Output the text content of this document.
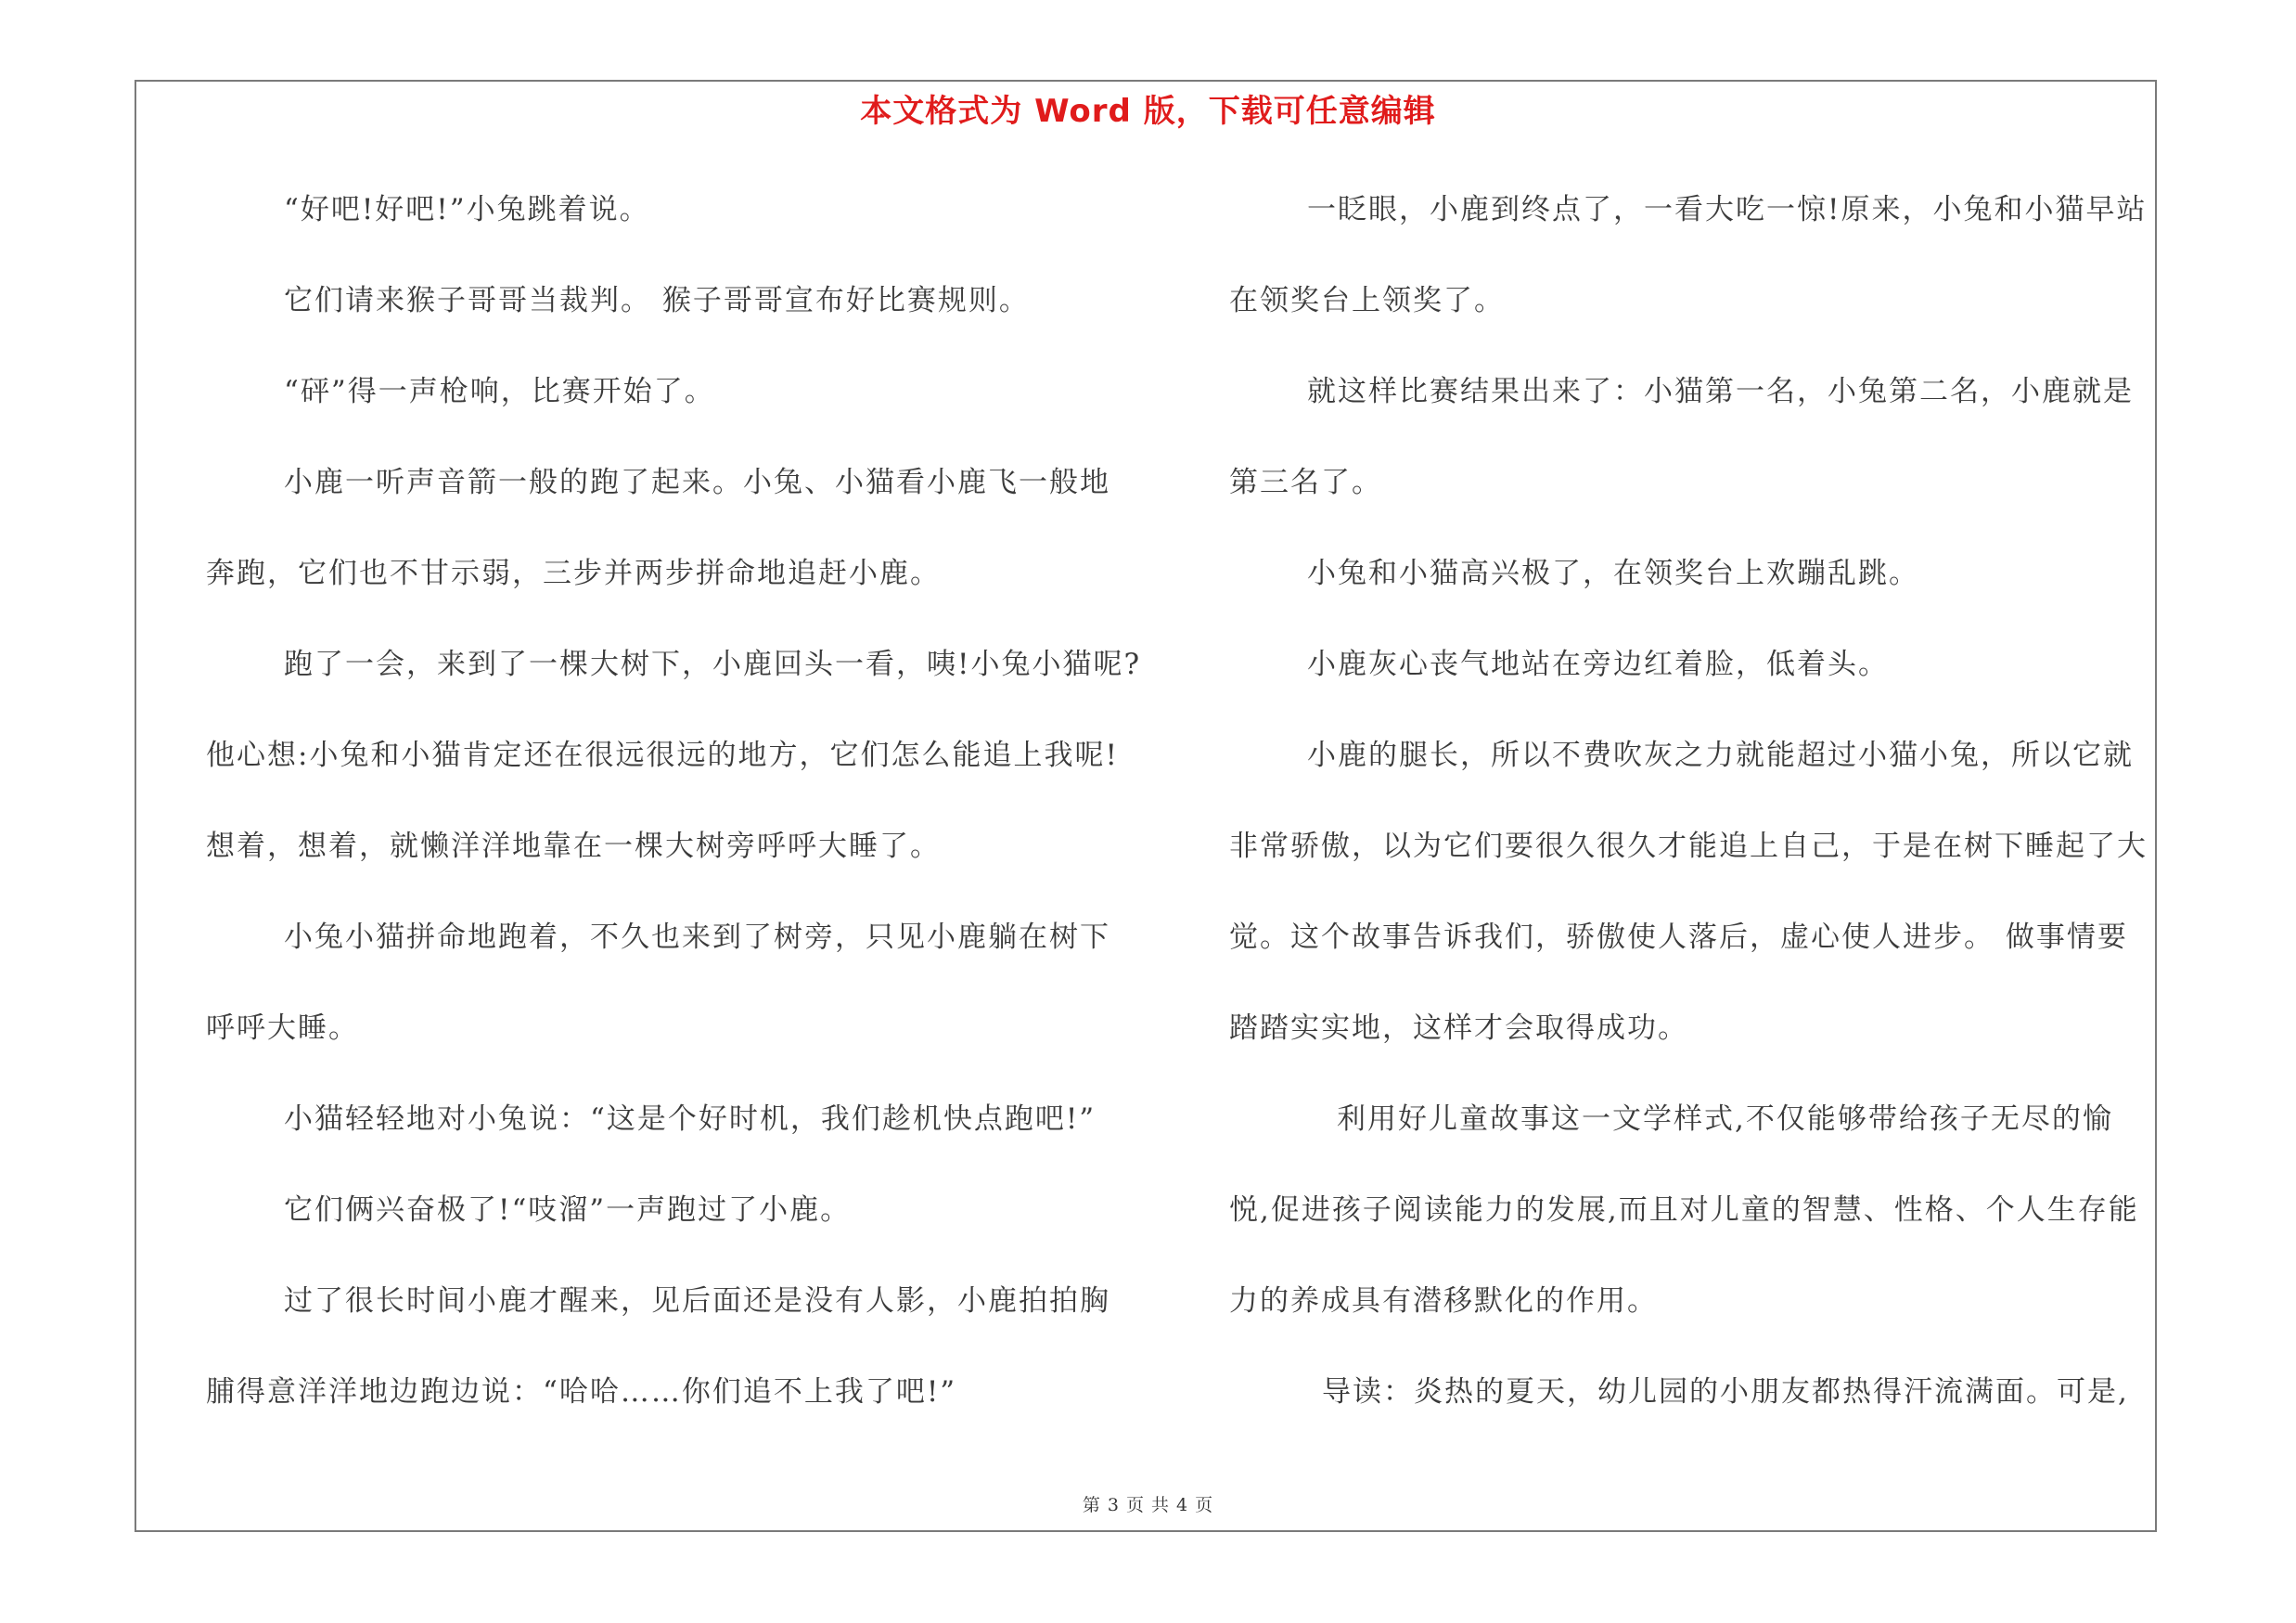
本文格式为 Word 版，下载可任意编辑
“好吧!好吧!”小兔跳着说。
它们请来猴子哥哥当裁判。 猴子哥哥宣布好比赛规则。
“砰”得一声枪响，比赛开始了。
小鹿一听声音箭一般的跑了起来。小兔、小猫看小鹿飞一般地
奔跑，它们也不甘示弱，三步并两步拼命地追赶小鹿。
跑了一会，来到了一棵大树下，小鹿回头一看，咦!小兔小猫呢?
他心想:小兔和小猫肯定还在很远很远的地方，它们怎么能追上我呢!
想着，想着，就懒洋洋地靠在一棵大树旁呼呼大睡了。
小兔小猫拼命地跑着，不久也来到了树旁，只见小鹿躺在树下
呼呼大睡。
小猫轻轻地对小兔说：“这是个好时机，我们趁机快点跑吧!”
它们俩兴奋极了!“吱溜”一声跑过了小鹿。
过了很长时间小鹿才醒来，见后面还是没有人影，小鹿拍拍胸
脯得意洋洋地边跑边说：“哈哈……你们追不上我了吧!”
一眨眼，小鹿到终点了，一看大吃一惊!原来，小兔和小猫早站
在领奖台上领奖了。
就这样比赛结果出来了：小猫第一名，小兔第二名，小鹿就是
第三名了。
小兔和小猫高兴极了，在领奖台上欢蹦乱跳。
小鹿灰心丧气地站在旁边红着脸，低着头。
小鹿的腿长，所以不费吹灰之力就能超过小猫小兔，所以它就
非常骄傲，以为它们要很久很久才能追上自己，于是在树下睡起了大
觉。这个故事告诉我们，骄傲使人落后，虚心使人进步。 做事情要
踏踏实实地，这样才会取得成功。
利用好儿童故事这一文学样式,不仅能够带给孩子无尽的愉
悦,促进孩子阅读能力的发展,而且对儿童的智慧、性格、个人生存能
力的养成具有潜移默化的作用。
导读：炎热的夏天，幼儿园的小朋友都热得汗流满面。可是,
第 3 页 共 4 页
